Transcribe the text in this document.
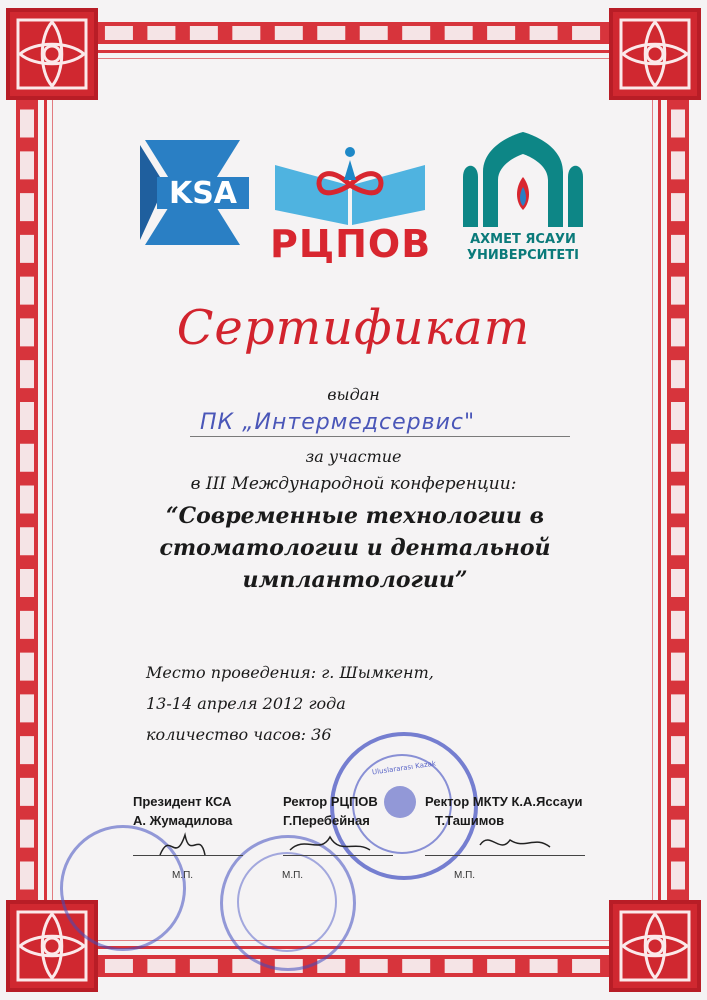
KSA
РЦПОВ	АХМЕТ ЯСАУИ
УНИВЕРСИТЕТІ
Сертификат
выдан
ПК „Интермедсервис"
за участие
в III Международной конференции:
“Современные технологии в
стоматологии и дентальной
имплантологии”
Место проведения: г. Шымкент,
13-14 апреля 2012 года
количество часов: 36
Uluslararası Kazak
Президент КСА
А. Жумадилова
Ректор РЦПОВ
Г.Перебейная
Ректор МКТУ К.А.Яссауи
Т.Ташимов
М.П.	М.П.	М.П.
